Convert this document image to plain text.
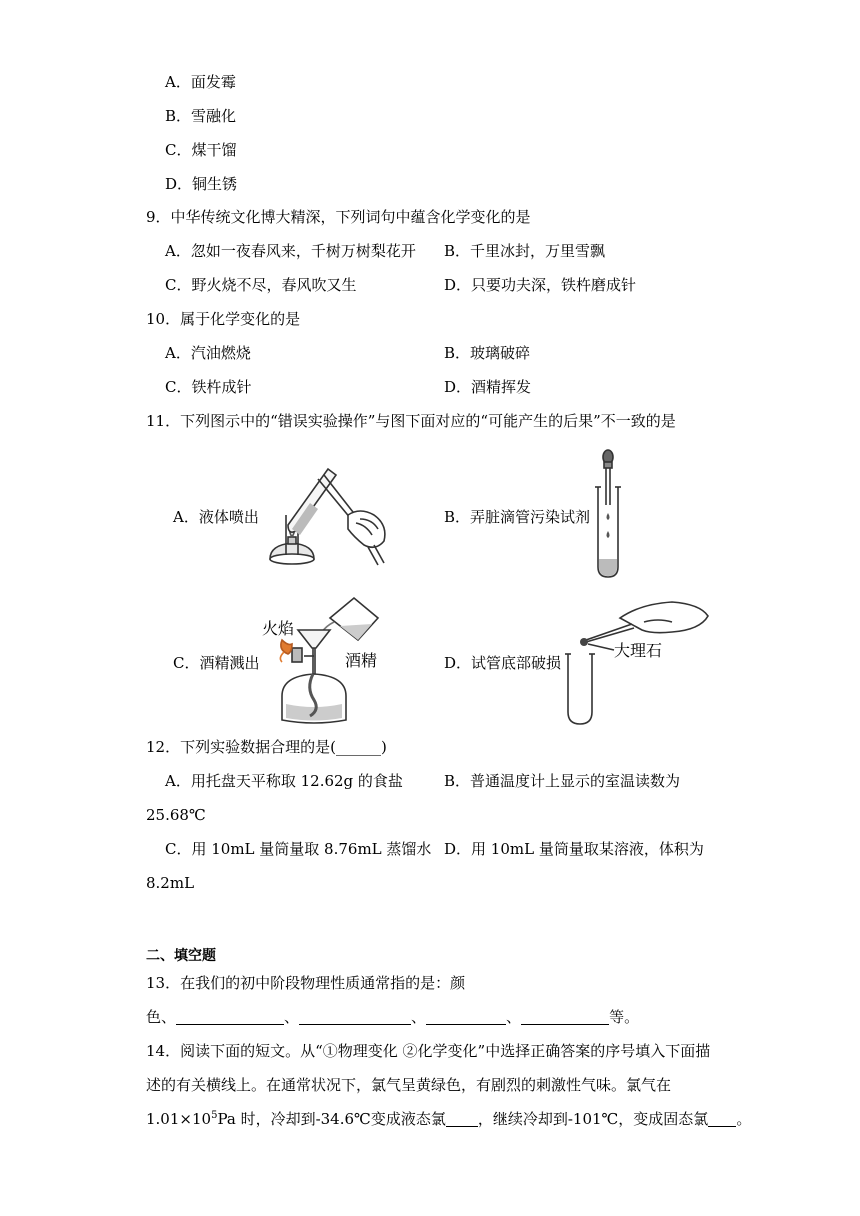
A．面发霉
B．雪融化
C．煤干馏
D．铜生锈
9．中华传统文化博大精深，下列词句中蕴含化学变化的是
A．忽如一夜春风来，千树万树梨花开 B．千里冰封，万里雪飘
C．野火烧不尽，春风吹又生	D．只要功夫深，铁杵磨成针
10．属于化学变化的是
A．汽油燃烧	B．玻璃破碎
C．铁杵成针	D．酒精挥发
11．下列图示中的“错误实验操作”与图下面对应的“可能产生的后果”不一致的是
A．液体喷出	B．弄脏滴管污染试剂
C．酒精溅出	D．试管底部破损
火焰
酒精
大理石
12．下列实验数据合理的是(______)
A．用托盘天平称取 12.62g 的食盐	B．普通温度计上显示的室温读数为
25.68℃
C．用 10mL 量筒量取 8.76mL 蒸馏水 D．用 10mL 量筒量取某溶液，体积为
8.2mL
二、填空题
13．在我们的初中阶段物理性质通常指的是：颜
色、	、	、	、	等。
14．阅读下面的短文。从“①物理变化 ②化学变化”中选择正确答案的序号填入下面描
述的有关横线上。在通常状况下，氯气呈黄绿色，有剧烈的刺激性气味。氯气在
$1.01\times 10^5Pa$ 时，冷却到-34.6℃变成液态氯 ，继续冷却到-101℃，变成固态氯 。
